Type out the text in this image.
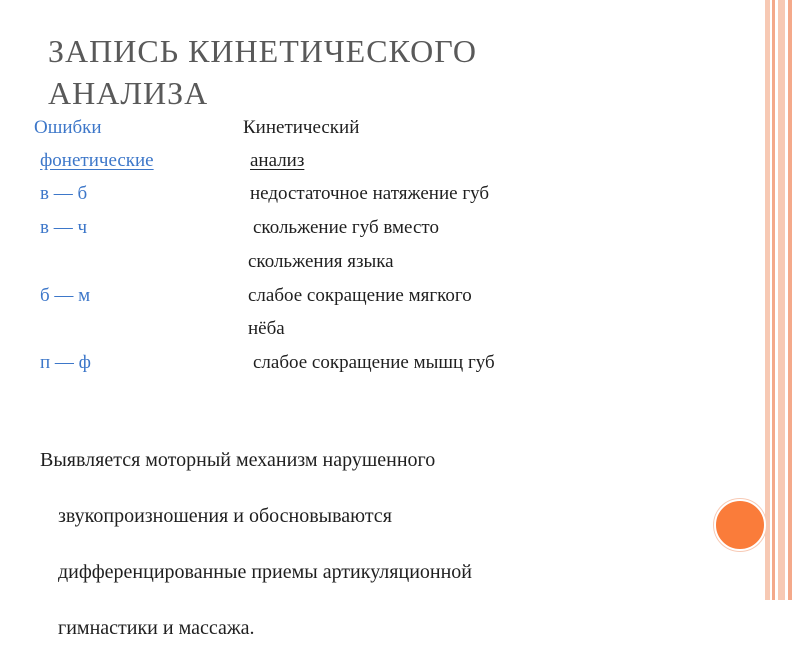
ЗАПИСЬ КИНЕТИЧЕСКОГО
АНАЛИЗА
Ошибки	Кинетический
фонетические	анализ
в — б	недостаточное натяжение губ
в — ч	скольжение губ вместо
скольжения языка
б — м	слабое сокращение мягкого
нёба
п — ф	слабое сокращение мышц губ

Выявляется моторный механизм нарушенного

звукопроизношения и обосновываются

дифференцированные приемы артикуляционной

гимнастики и массажа.
